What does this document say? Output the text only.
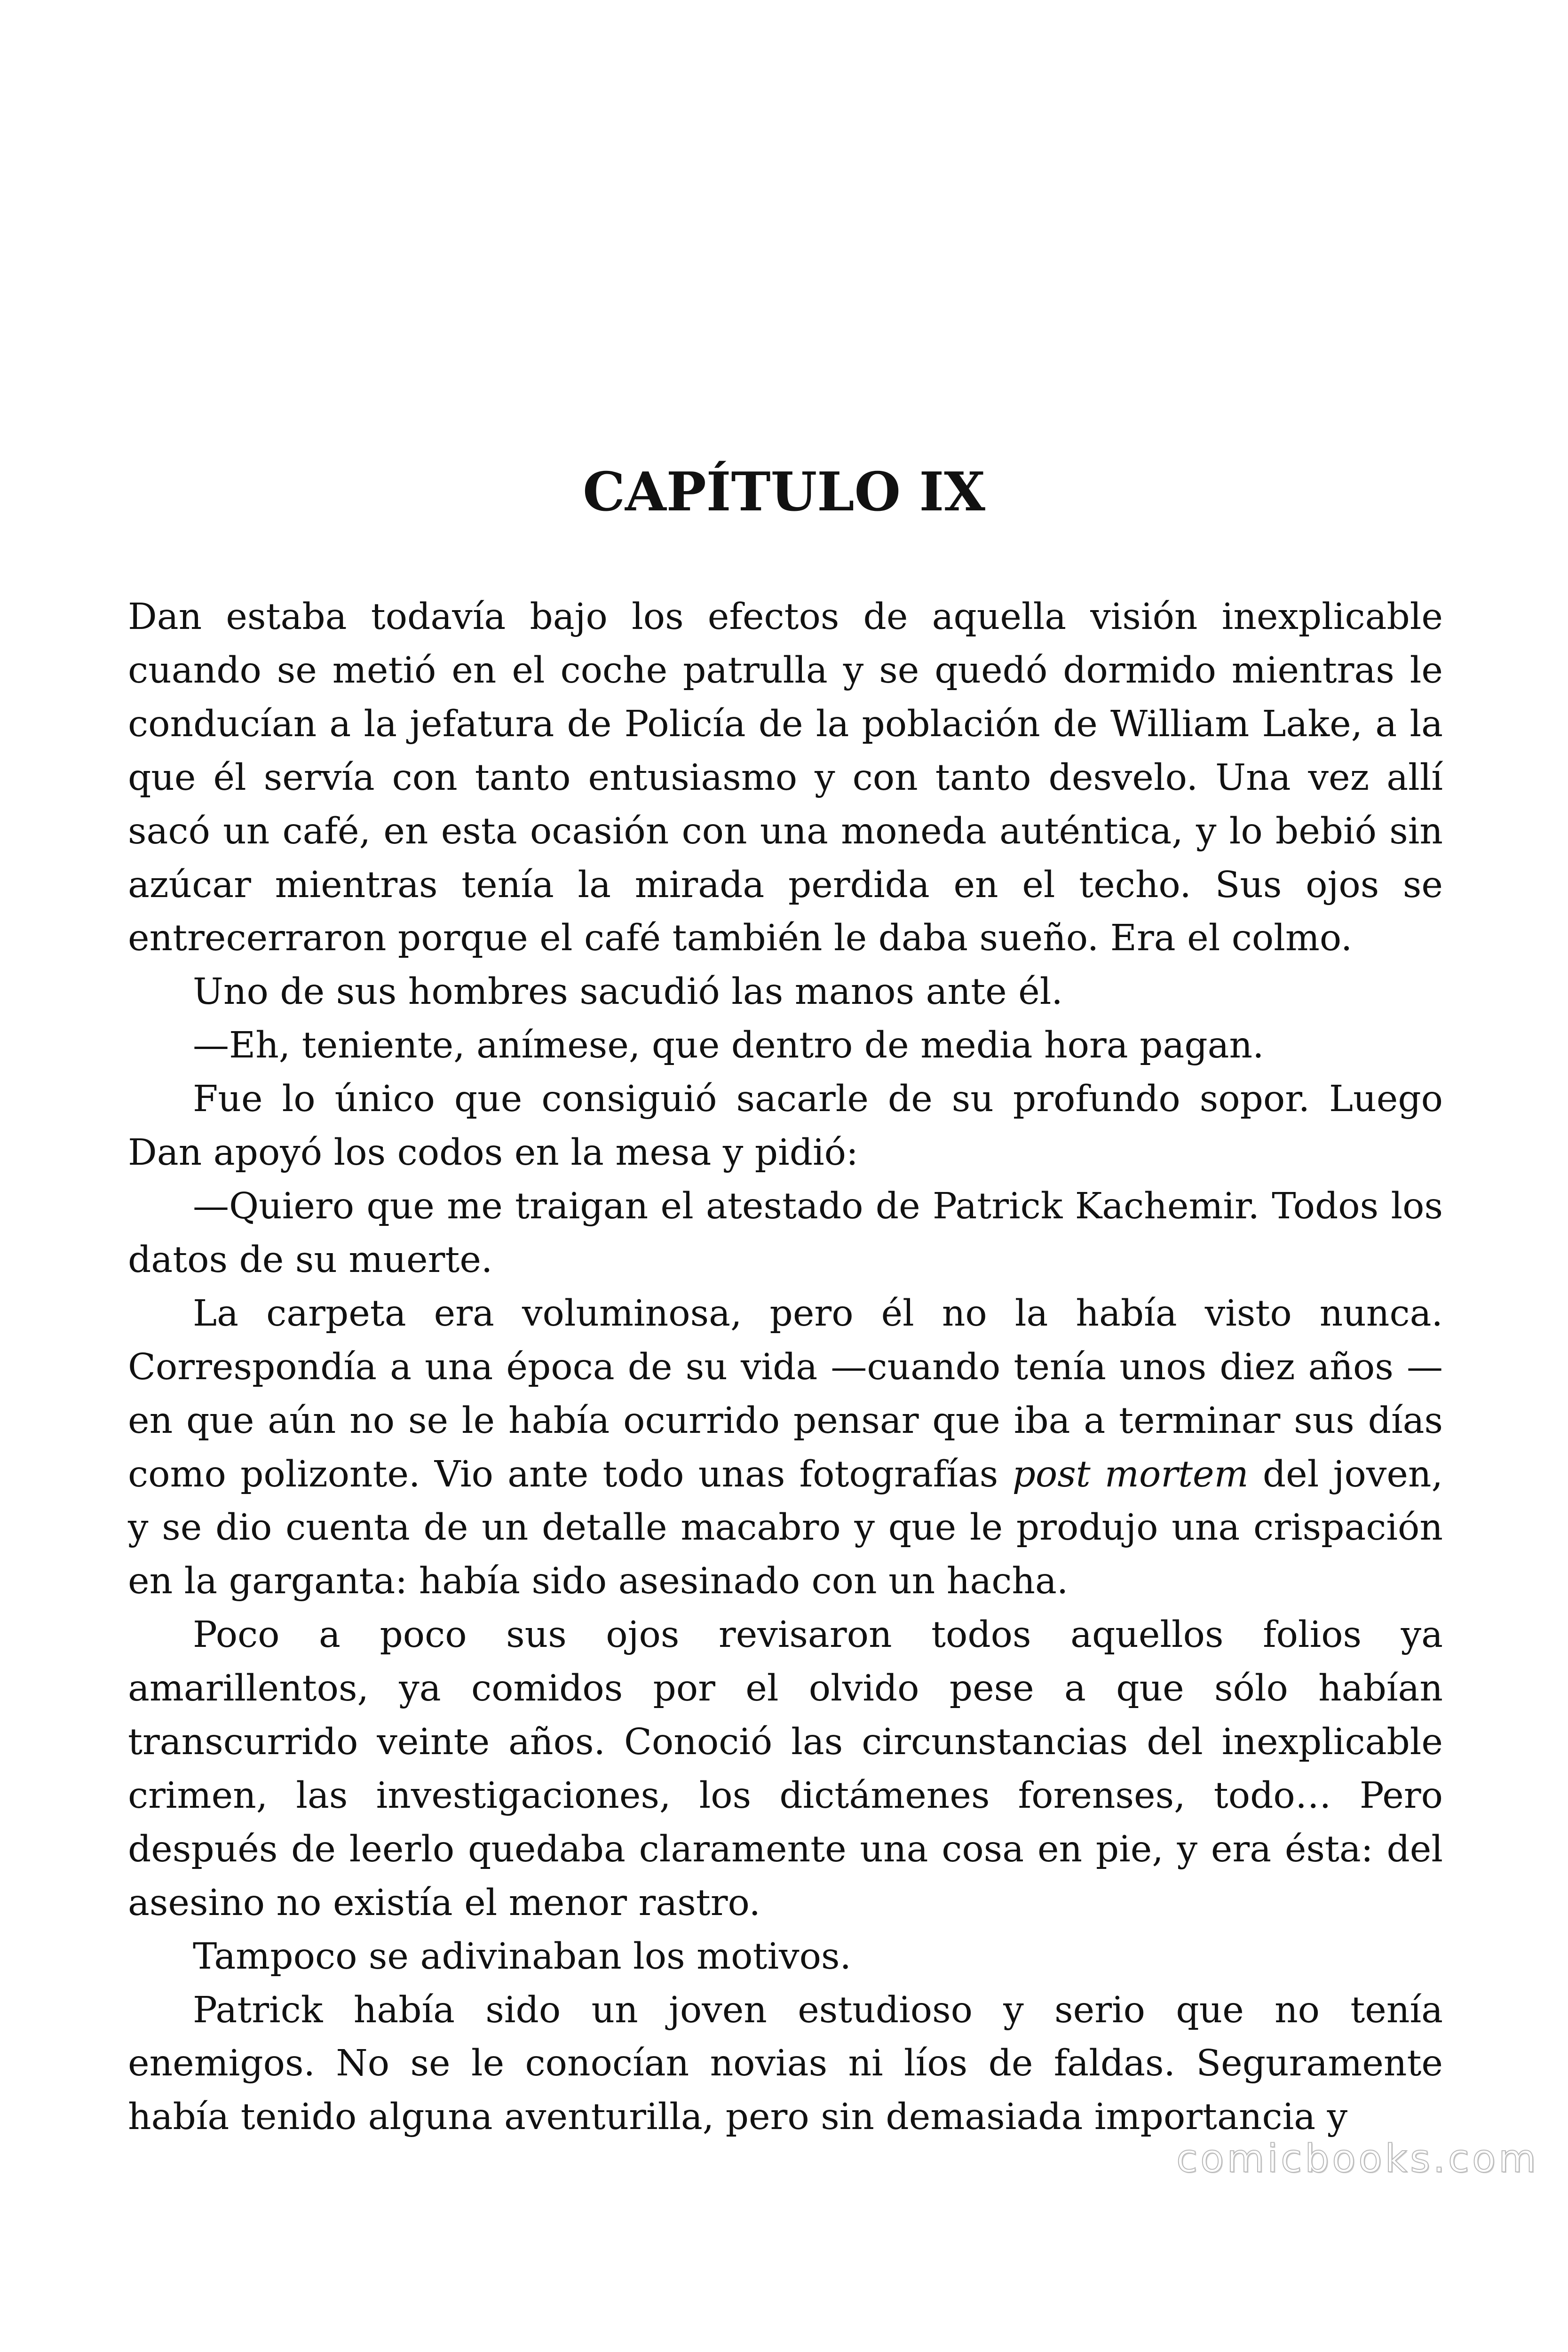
CAPÍTULO IX

Dan estaba todavía bajo los efectos de aquella visión inexplicable cuando se metió en el coche patrulla y se quedó dormido mientras le conducían a la jefatura de Policía de la población de William Lake, a la que él servía con tanto entusiasmo y con tanto desvelo. Una vez allí sacó un café, en esta ocasión con una moneda auténtica, y lo bebió sin azúcar mientras tenía la mirada perdida en el techo. Sus ojos se entrecerraron porque el café también le daba sueño. Era el colmo.

Uno de sus hombres sacudió las manos ante él.

—Eh, teniente, anímese, que dentro de media hora pagan.

Fue lo único que consiguió sacarle de su profundo sopor. Luego Dan apoyó los codos en la mesa y pidió:

—Quiero que me traigan el atestado de Patrick Kachemir. Todos los datos de su muerte.

La carpeta era voluminosa, pero él no la había visto nunca. Correspondía a una época de su vida —cuando tenía unos diez años — en que aún no se le había ocurrido pensar que iba a terminar sus días como polizonte. Vio ante todo unas fotografías post mortem del joven, y se dio cuenta de un detalle macabro y que le produjo una crispación en la garganta: había sido asesinado con un hacha.

Poco a poco sus ojos revisaron todos aquellos folios ya amarillentos, ya comidos por el olvido pese a que sólo habían transcurrido veinte años. Conoció las circunstancias del inexplicable crimen, las investigaciones, los dictámenes forenses, todo… Pero después de leerlo quedaba claramente una cosa en pie, y era ésta: del asesino no existía el menor rastro.

Tampoco se adivinaban los motivos.

Patrick había sido un joven estudioso y serio que no tenía enemigos. No se le conocían novias ni líos de faldas. Seguramente había tenido alguna aventurilla, pero sin demasiada importancia y

comicbooks.com
